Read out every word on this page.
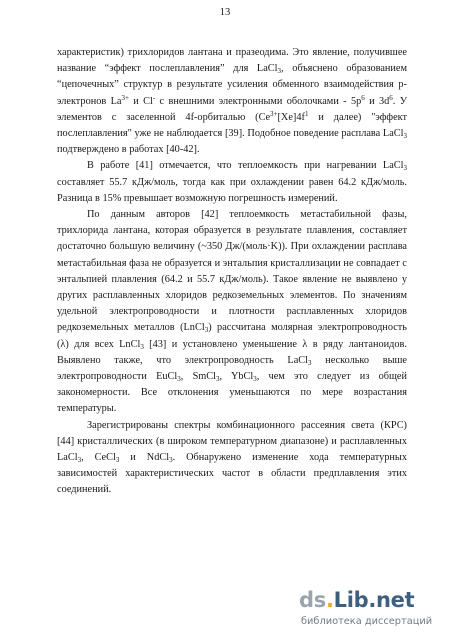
13

характеристик) трихлоридов лантана и празеодима. Это явление, получившее название “эффект послеплавления” для LaCl$_3$, объяснено образованием “цепочечных” структур в результате усиления обменного взаимодействия р-электронов $La^{3+}$ и Cl- с внешними электронными оболочками - $5p^6$ и $3d^6$. У элементов с заселенной 4f-орбиталью ($Ce^{3+}[Xe]4f^1$ и далее) "эффект послеплавления" уже не наблюдается [39]. Подобное поведение расплава LaCl$_3$ подтверждено в работах [40-42].

В работе [41] отмечается, что теплоемкость при нагревании LaCl$_3$ составляет 55.7 кДж/моль, тогда как при охлаждении равен 64.2 кДж/моль. Разница в 15% превышает возможную погрешность измерений.

По данным авторов [42] теплоемкость метастабильной фазы, трихлорида лантана, которая образуется в результате плавления, составляет достаточно большую величину (~350 Дж/(моль·K)). При охлаждении расплава метастабильная фаза не образуется и энтальпия кристаллизации не совпадает с энтальпией плавления (64.2 и 55.7 кДж/моль). Такое явление не выявлено у других расплавленных хлоридов редкоземельных элементов. По значениям удельной электропроводности и плотности расплавленных хлоридов редкоземельных металлов (LnCl$_3$) рассчитана молярная электропроводность (λ) для всех LnCl$_3$ [43] и установлено уменьшение λ в ряду лантаноидов. Выявлено также, что электропроводность LaCl$_3$ несколько выше электропроводности EuCl$_3$, SmCl$_3$, YbCl$_3$, чем это следует из общей закономерности. Все отклонения уменьшаются по мере возрастания температуры.

Зарегистрированы спектры комбинационного рассеяния света (КРС) [44] кристаллических (в широком температурном диапазоне) и расплавленных LaCl$_3$, CeCl$_3$ и NdCl$_3$. Обнаружено изменение хода температурных зависимостей характеристических частот в области предплавления этих соединений.

ds.Lib.net
библиотека диссертаций
